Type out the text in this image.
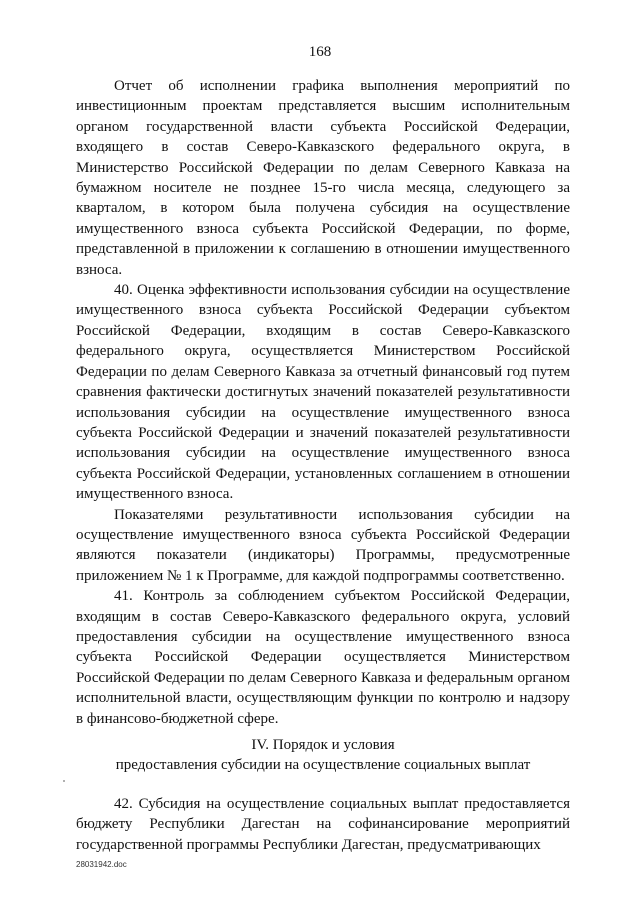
168

Отчет об исполнении графика выполнения мероприятий по инвестиционным проектам представляется высшим исполнительным органом государственной власти субъекта Российской Федерации, входящего в состав Северо-Кавказского федерального округа, в Министерство Российской Федерации по делам Северного Кавказа на бумажном носителе не позднее 15-го числа месяца, следующего за кварталом, в котором была получена субсидия на осуществление имущественного взноса субъекта Российской Федерации, по форме, представленной в приложении к соглашению в отношении имущественного взноса.

40. Оценка эффективности использования субсидии на осуществление имущественного взноса субъекта Российской Федерации субъектом Российской Федерации, входящим в состав Северо-Кавказского федерального округа, осуществляется Министерством Российской Федерации по делам Северного Кавказа за отчетный финансовый год путем сравнения фактически достигнутых значений показателей результативности использования субсидии на осуществление имущественного взноса субъекта Российской Федерации и значений показателей результативности использования субсидии на осуществление имущественного взноса субъекта Российской Федерации, установленных соглашением в отношении имущественного взноса.

Показателями результативности использования субсидии на осуществление имущественного взноса субъекта Российской Федерации являются показатели (индикаторы) Программы, предусмотренные приложением № 1 к Программе, для каждой подпрограммы соответственно.

41. Контроль за соблюдением субъектом Российской Федерации, входящим в состав Северо-Кавказского федерального округа, условий предоставления субсидии на осуществление имущественного взноса субъекта Российской Федерации осуществляется Министерством Российской Федерации по делам Северного Кавказа и федеральным органом исполнительной власти, осуществляющим функции по контролю и надзору в финансово-бюджетной сфере.

IV. Порядок и условия
предоставления субсидии на осуществление социальных выплат

42. Субсидия на осуществление социальных выплат предоставляется бюджету Республики Дагестан на софинансирование мероприятий государственной программы Республики Дагестан, предусматривающих

28031942.doc
